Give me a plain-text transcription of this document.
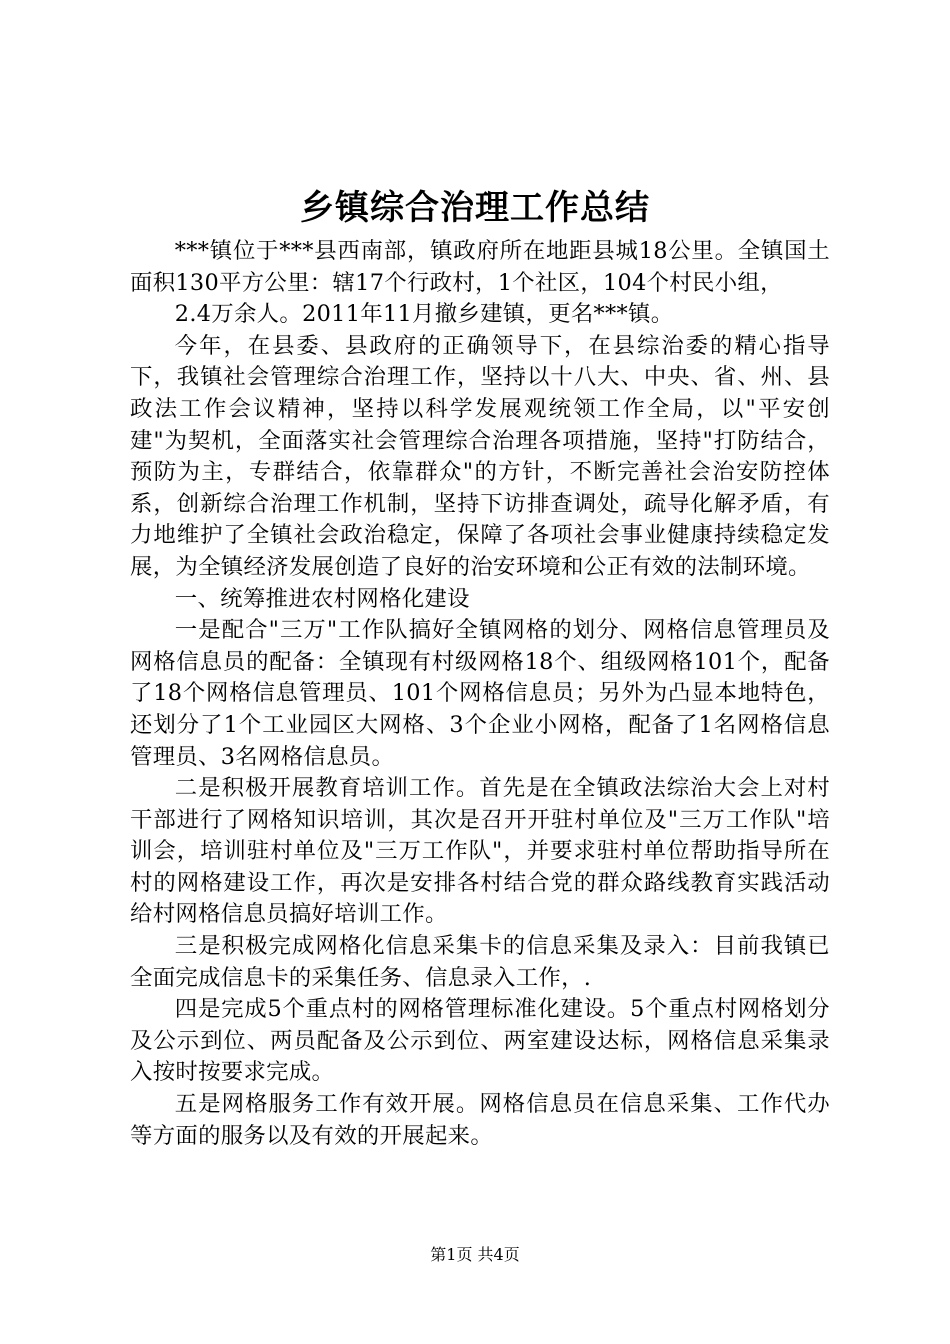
乡镇综合治理工作总结

***镇位于***县西南部，镇政府所在地距县城18公里。全镇国土面积130平方公里：辖17个行政村，1个社区，104个村民小组，

2.4万余人。2011年11月撤乡建镇，更名***镇。

今年，在县委、县政府的正确领导下，在县综治委的精心指导下，我镇社会管理综合治理工作，坚持以十八大、中央、省、州、县政法工作会议精神，坚持以科学发展观统领工作全局，以"平安创建"为契机，全面落实社会管理综合治理各项措施，坚持"打防结合，预防为主，专群结合，依靠群众"的方针，不断完善社会治安防控体系，创新综合治理工作机制，坚持下访排查调处，疏导化解矛盾，有力地维护了全镇社会政治稳定，保障了各项社会事业健康持续稳定发展，为全镇经济发展创造了良好的治安环境和公正有效的法制环境。

一、统筹推进农村网格化建设

一是配合"三万"工作队搞好全镇网格的划分、网格信息管理员及网格信息员的配备：全镇现有村级网格18个、组级网格101个，配备了18个网格信息管理员、101个网格信息员；另外为凸显本地特色，还划分了1个工业园区大网格、3个企业小网格，配备了1名网格信息管理员、3名网格信息员。

二是积极开展教育培训工作。首先是在全镇政法综治大会上对村干部进行了网格知识培训，其次是召开开驻村单位及"三万工作队"培训会，培训驻村单位及"三万工作队"，并要求驻村单位帮助指导所在村的网格建设工作，再次是安排各村结合党的群众路线教育实践活动给村网格信息员搞好培训工作。

三是积极完成网格化信息采集卡的信息采集及录入：目前我镇已全面完成信息卡的采集任务、信息录入工作，.

四是完成5个重点村的网格管理标准化建设。5个重点村网格划分及公示到位、两员配备及公示到位、两室建设达标，网格信息采集录入按时按要求完成。

五是网格服务工作有效开展。网格信息员在信息采集、工作代办等方面的服务以及有效的开展起来。

第1页 共4页
